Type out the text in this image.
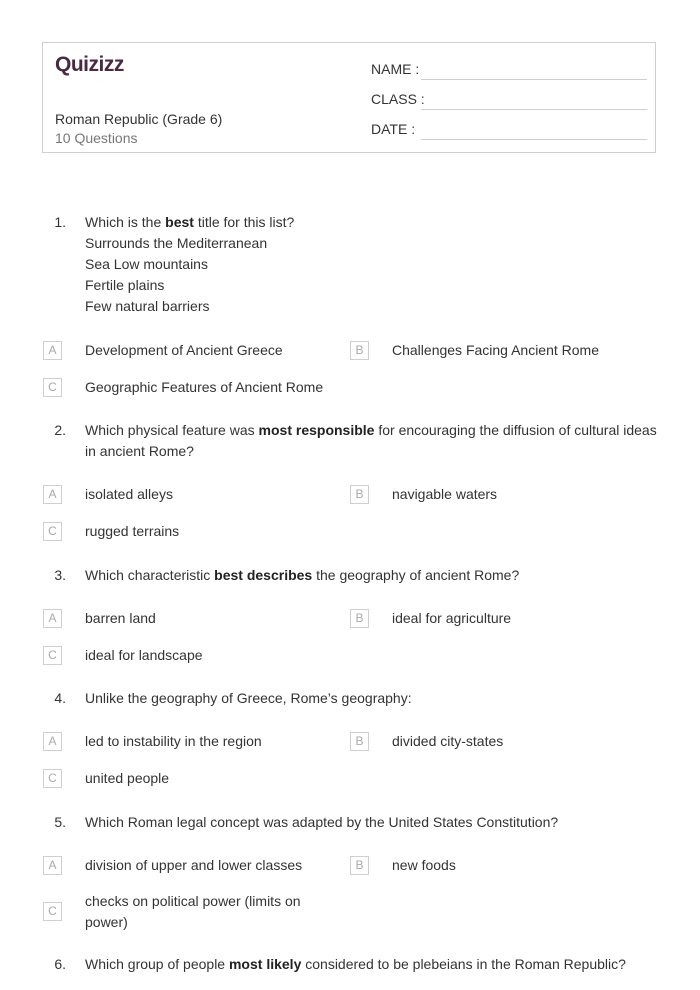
Quizizz
Roman Republic (Grade 6)
10 Questions
NAME :
CLASS :
DATE :
1. Which is the best title for this list?
Surrounds the Mediterranean
Sea Low mountains
Fertile plains
Few natural barriers
A	Development of Ancient Greece	B	Challenges Facing Ancient Rome
C	Geographic Features of Ancient Rome
2. Which physical feature was most responsible for encouraging the diffusion of cultural ideas in ancient Rome?
A	isolated alleys	B	navigable waters
C	rugged terrains
3. Which characteristic best describes the geography of ancient Rome?
A	barren land	B	ideal for agriculture
C	ideal for landscape
4. Unlike the geography of Greece, Rome’s geography:
A	led to instability in the region	B	divided city-states
C	united people
5. Which Roman legal concept was adapted by the United States Constitution?
A	division of upper and lower classes	B	new foods
C
checks on political power (limits on power)
6. Which group of people most likely considered to be plebeians in the Roman Republic?
